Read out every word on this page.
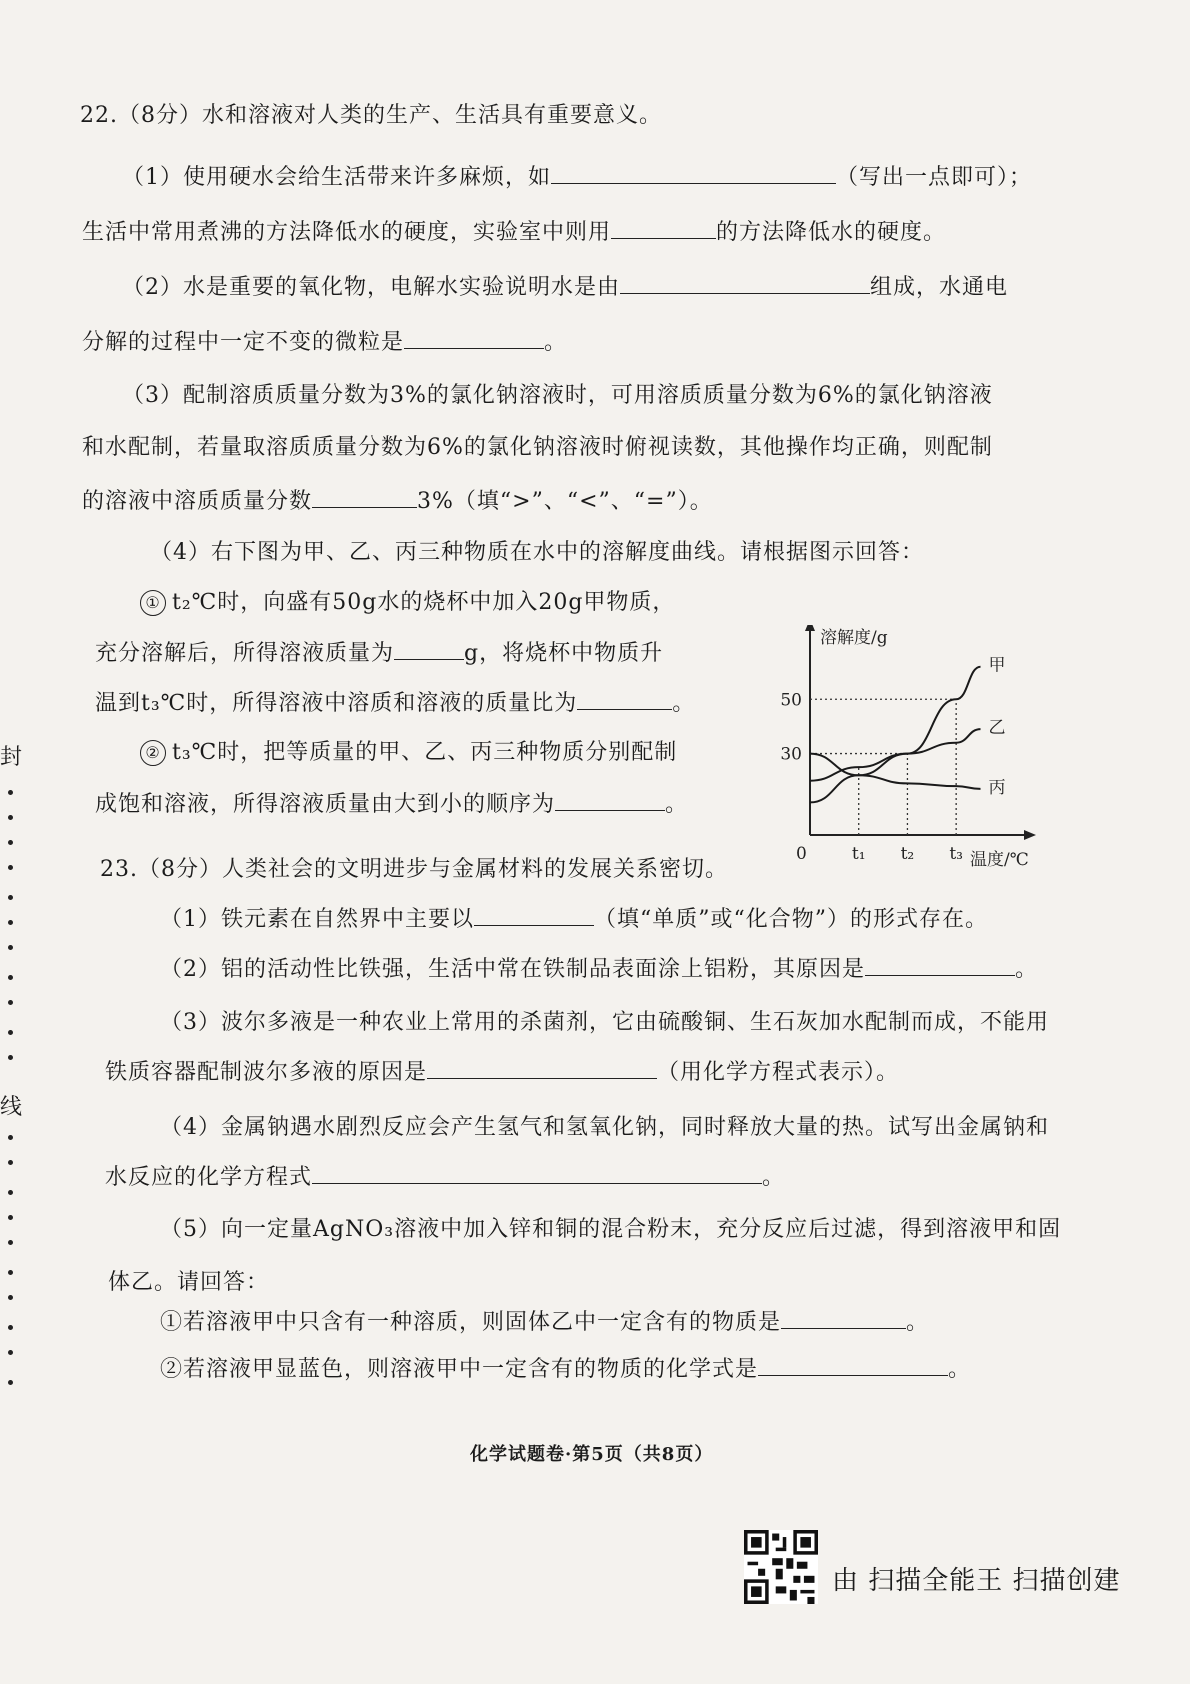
22.（8分）水和溶液对人类的生产、生活具有重要意义。
（1）使用硬水会给生活带来许多麻烦，如	（写出一点即可）；
生活中常用煮沸的方法降低水的硬度，实验室中则用	的方法降低水的硬度。
（2）水是重要的氧化物，电解水实验说明水是由	组成，水通电
分解的过程中一定不变的微粒是	。
（3）配制溶质质量分数为3%的氯化钠溶液时，可用溶质质量分数为6%的氯化钠溶液
和水配制，若量取溶质质量分数为6%的氯化钠溶液时俯视读数，其他操作均正确，则配制
的溶液中溶质质量分数	3%（填“>”、“<”、“=”）。
（4）右下图为甲、乙、丙三种物质在水中的溶解度曲线。请根据图示回答：
① t₂℃时，向盛有50g水的烧杯中加入20g甲物质，
充分溶解后，所得溶液质量为	g，将烧杯中物质升
温到t₃℃时，所得溶液中溶质和溶液的质量比为	。
② t₃℃时，把等质量的甲、乙、丙三种物质分别配制
成饱和溶液，所得溶液质量由大到小的顺序为	。
溶解度/g
温度/℃
0
30
50
t₁ t₂ t₃
甲
乙
丙
23.（8分）人类社会的文明进步与金属材料的发展关系密切。
（1）铁元素在自然界中主要以	（填“单质”或“化合物”）的形式存在。
（2）铝的活动性比铁强，生活中常在铁制品表面涂上铝粉，其原因是	。
（3）波尔多液是一种农业上常用的杀菌剂，它由硫酸铜、生石灰加水配制而成，不能用
铁质容器配制波尔多液的原因是	（用化学方程式表示）。
（4）金属钠遇水剧烈反应会产生氢气和氢氧化钠，同时释放大量的热。试写出金属钠和
水反应的化学方程式	。
（5）向一定量AgNO₃溶液中加入锌和铜的混合粉末，充分反应后过滤，得到溶液甲和固
体乙。请回答：
①若溶液甲中只含有一种溶质，则固体乙中一定含有的物质是	。
②若溶液甲显蓝色，则溶液甲中一定含有的物质的化学式是	。
化学试题卷·第5页（共8页）
封
线
由 扫描全能王 扫描创建
